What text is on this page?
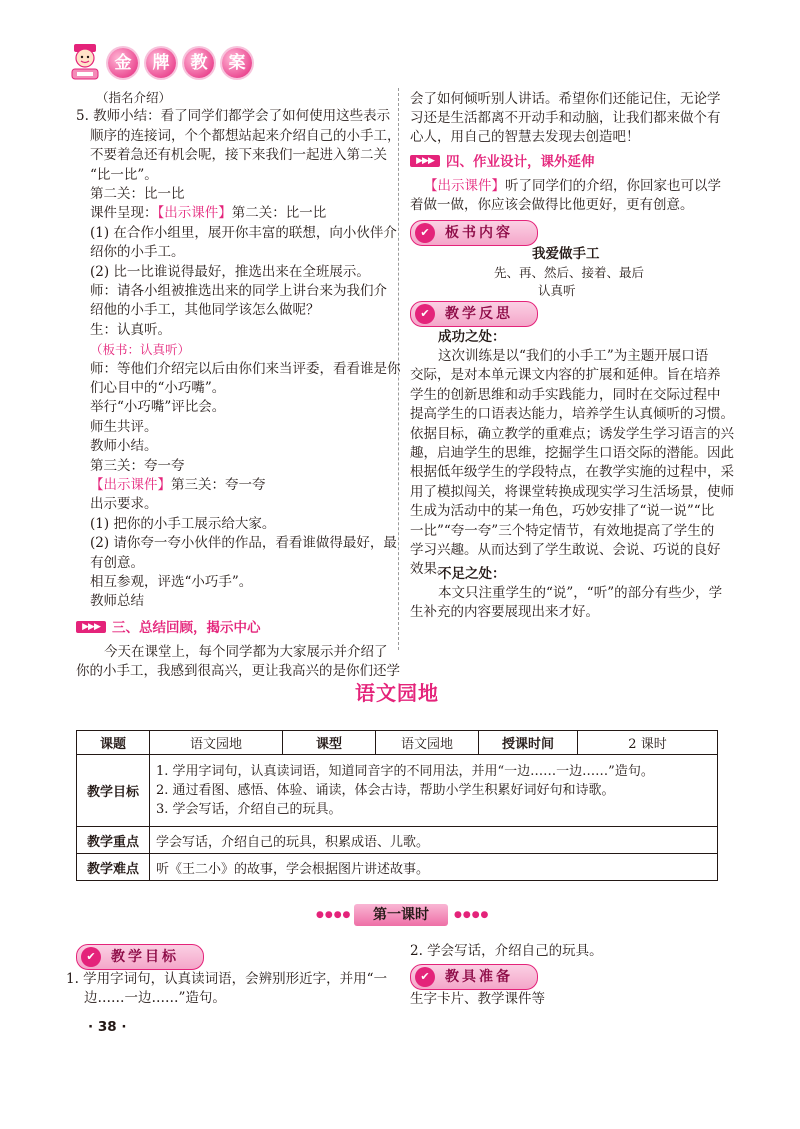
金	牌	教	案
（指名介绍）
5. 教师小结：看了同学们都学会了如何使用这些表示
顺序的连接词，个个都想站起来介绍自己的小手工，
不要着急还有机会呢，接下来我们一起进入第二关
“比一比”。
第二关：比一比
课件呈现：【出示课件】第二关：比一比
(1) 在合作小组里，展开你丰富的联想，向小伙伴介
绍你的小手工。
(2) 比一比谁说得最好，推选出来在全班展示。
师：请各小组被推选出来的同学上讲台来为我们介
绍他的小手工，其他同学该怎么做呢？
生：认真听。
（板书：认真听）
师：等他们介绍完以后由你们来当评委，看看谁是你
们心目中的“小巧嘴”。
举行“小巧嘴”评比会。
师生共评。
教师小结。
第三关：夸一夸
【出示课件】第三关：夸一夸
出示要求。
(1) 把你的小手工展示给大家。
(2) 请你夸一夸小伙伴的作品，看看谁做得最好，最
有创意。
相互参观，评选“小巧手”。
教师总结
▶▶▶ 三、总结回顾，揭示中心
今天在课堂上，每个同学都为大家展示并介绍了
你的小手工，我感到很高兴，更让我高兴的是你们还学
会了如何倾听别人讲话。希望你们还能记住，无论学
习还是生活都离不开动手和动脑，让我们都来做个有
心人，用自己的智慧去发现去创造吧！
▶▶▶ 四、作业设计，课外延伸
【出示课件】听了同学们的介绍，你回家也可以学
着做一做，你应该会做得比他更好，更有创意。
✔	板书内容
我爱做手工
先、再、然后、接着、最后
认真听
✔	教学反思
成功之处：
这次训练是以“我们的小手工”为主题开展口语
交际，是对本单元课文内容的扩展和延伸。旨在培养
学生的创新思维和动手实践能力，同时在交际过程中
提高学生的口语表达能力，培养学生认真倾听的习惯。
依据目标，确立教学的重难点；诱发学生学习语言的兴
趣，启迪学生的思维，挖掘学生口语交际的潜能。因此
根据低年级学生的学段特点，在教学实施的过程中，采
用了模拟闯关，将课堂转换成现实学习生活场景，使师
生成为活动中的某一角色，巧妙安排了“说一说”“比
一比”“夸一夸”三个特定情节，有效地提高了学生的
学习兴趣。从而达到了学生敢说、会说、巧说的良好
效果。
不足之处：
本文只注重学生的“说”，“听”的部分有些少，学
生补充的内容要展现出来才好。
语文园地
课题	语文园地	课型	语文园地	授课时间	2 课时
教学目标	1. 学用字词句，认真读词语，知道同音字的不同用法，并用“一边……一边……”造句。
2. 通过看图、感悟、体验、诵读，体会古诗，帮助小学生积累好词好句和诗歌。
3. 学会写话，介绍自己的玩具。				

教学重点	学会写话，介绍自己的玩具，积累成语、儿歌。				
教学难点	听《王二小》的故事，学会根据图片讲述故事。				
●●●●	第一课时	●●●●
✔	教学目标
1. 学用字词句，认真读词语，会辨别形近字，并用“一
边……一边……”造句。
2. 学会写话，介绍自己的玩具。
✔	教具准备
生字卡片、教学课件等
· 38 ·
